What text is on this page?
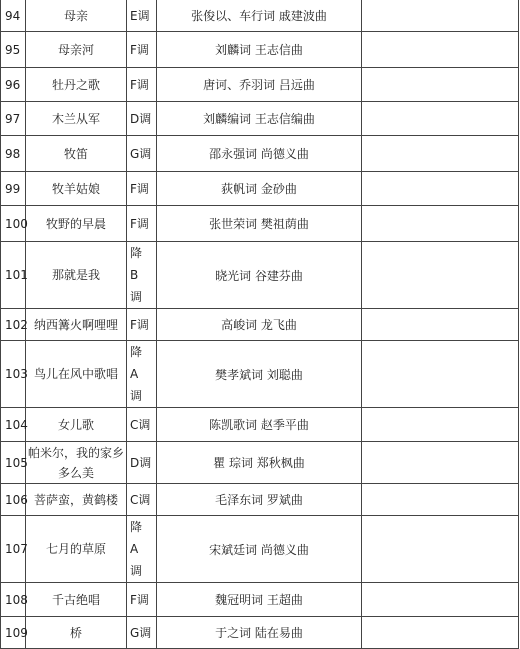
94	母亲	E调	张俊以、车行词 戚建波曲	
95	母亲河	F调	刘麟词 王志信曲	
96	牡丹之歌	F调	唐诃、乔羽词 吕远曲	
97	木兰从军	D调	刘麟编词 王志信编曲	
98	牧笛	G调	邵永强词 尚德义曲	
99	牧羊姑娘	F调	荻帆词 金砂曲	
100	牧野的早晨	F调	张世荣词 樊祖荫曲	
101	那就是我	降B调	晓光词 谷建芬曲	
102	纳西篝火啊哩哩	F调	高峻词 龙飞曲	
103	鸟儿在风中歌唱	降A调	樊孝斌词 刘聪曲	
104	女儿歌	C调	陈凯歌词 赵季平曲	
105	帕米尔，我的家乡多么美	D调	瞿 琮词 郑秋枫曲	
106	菩萨蛮，黄鹤楼	C调	毛泽东词 罗斌曲	
107	七月的草原	降A调	宋斌廷词 尚德义曲	
108	千古绝唱	F调	魏冠明词 王超曲	
109	桥	G调	于之词 陆在易曲	
